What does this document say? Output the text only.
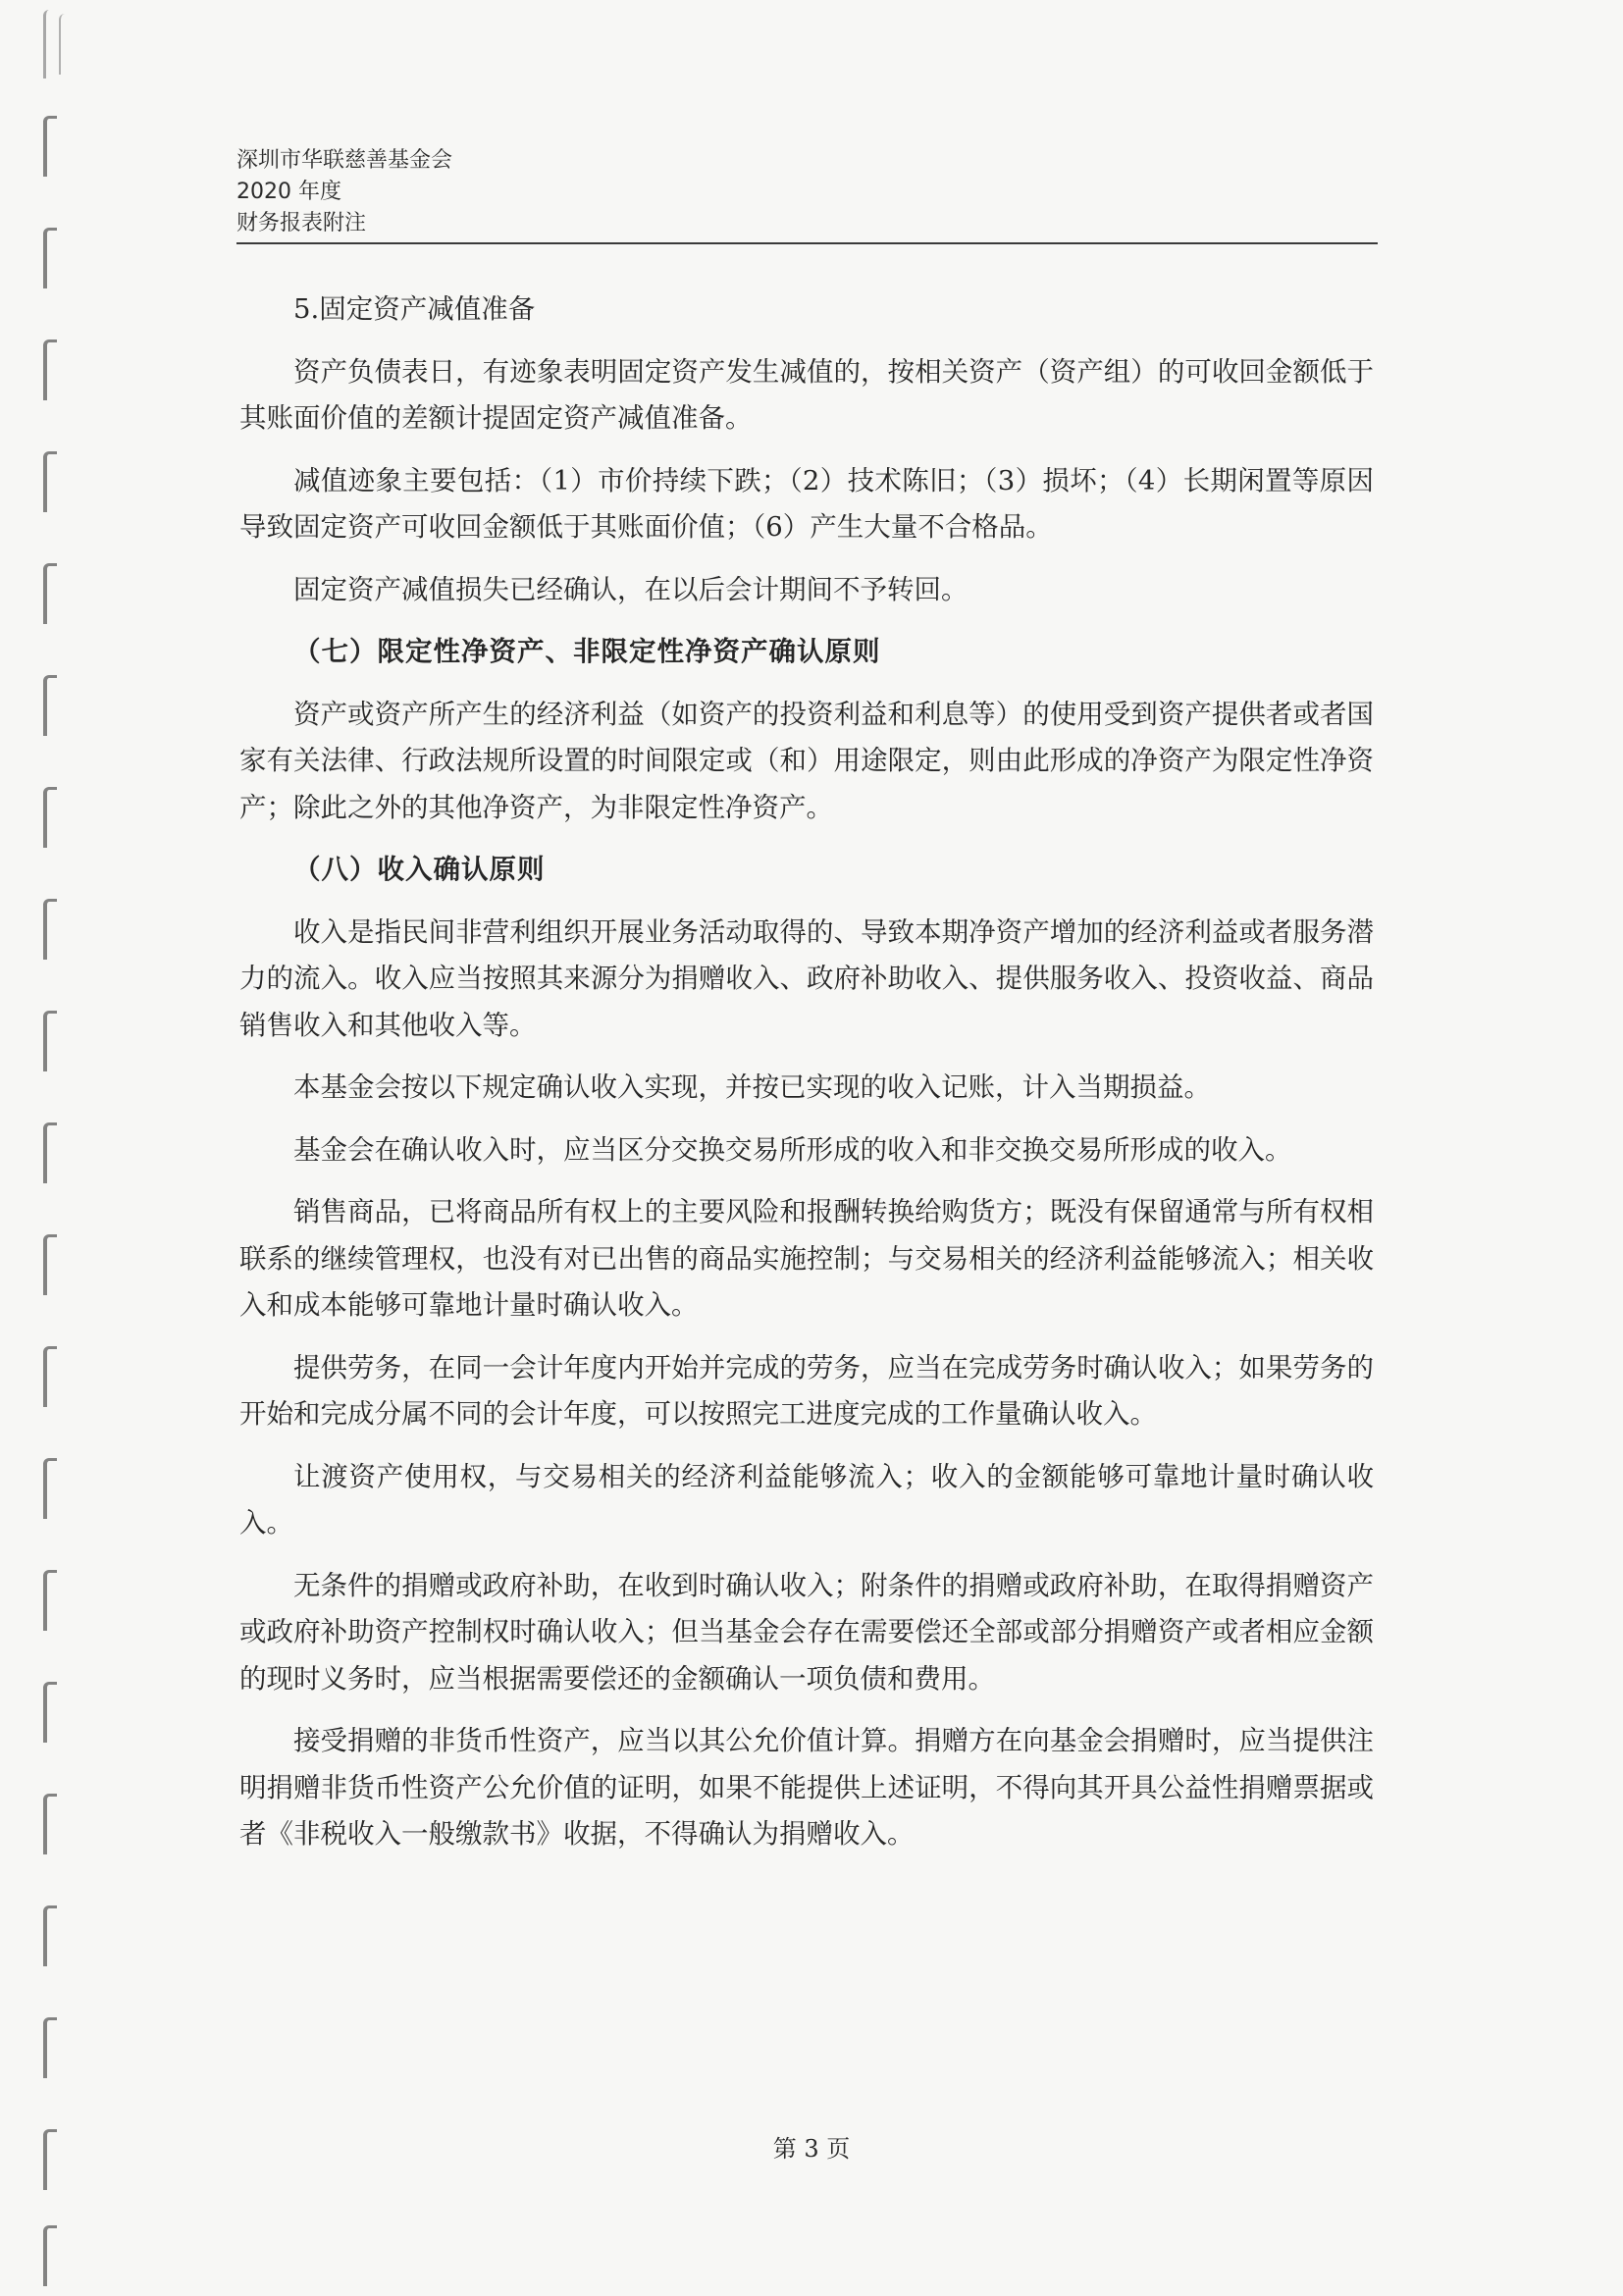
深圳市华联慈善基金会
2020 年度
财务报表附注
5.固定资产减值准备
资产负债表日，有迹象表明固定资产发生减值的，按相关资产（资产组）的可收回金额低于其账面价值的差额计提固定资产减值准备。
减值迹象主要包括：（1）市价持续下跌；（2）技术陈旧；（3）损坏；（4）长期闲置等原因导致固定资产可收回金额低于其账面价值；（6）产生大量不合格品。
固定资产减值损失已经确认，在以后会计期间不予转回。
（七）限定性净资产、非限定性净资产确认原则
资产或资产所产生的经济利益（如资产的投资利益和利息等）的使用受到资产提供者或者国家有关法律、行政法规所设置的时间限定或（和）用途限定，则由此形成的净资产为限定性净资产；除此之外的其他净资产，为非限定性净资产。
（八）收入确认原则
收入是指民间非营利组织开展业务活动取得的、导致本期净资产增加的经济利益或者服务潜力的流入。收入应当按照其来源分为捐赠收入、政府补助收入、提供服务收入、投资收益、商品销售收入和其他收入等。
本基金会按以下规定确认收入实现，并按已实现的收入记账，计入当期损益。
基金会在确认收入时，应当区分交换交易所形成的收入和非交换交易所形成的收入。
销售商品，已将商品所有权上的主要风险和报酬转换给购货方；既没有保留通常与所有权相联系的继续管理权，也没有对已出售的商品实施控制；与交易相关的经济利益能够流入；相关收入和成本能够可靠地计量时确认收入。
提供劳务，在同一会计年度内开始并完成的劳务，应当在完成劳务时确认收入；如果劳务的开始和完成分属不同的会计年度，可以按照完工进度完成的工作量确认收入。
让渡资产使用权，与交易相关的经济利益能够流入；收入的金额能够可靠地计量时确认收入。
无条件的捐赠或政府补助，在收到时确认收入；附条件的捐赠或政府补助，在取得捐赠资产或政府补助资产控制权时确认收入；但当基金会存在需要偿还全部或部分捐赠资产或者相应金额的现时义务时，应当根据需要偿还的金额确认一项负债和费用。
接受捐赠的非货币性资产，应当以其公允价值计算。捐赠方在向基金会捐赠时，应当提供注明捐赠非货币性资产公允价值的证明，如果不能提供上述证明，不得向其开具公益性捐赠票据或者《非税收入一般缴款书》收据，不得确认为捐赠收入。
第 3 页
